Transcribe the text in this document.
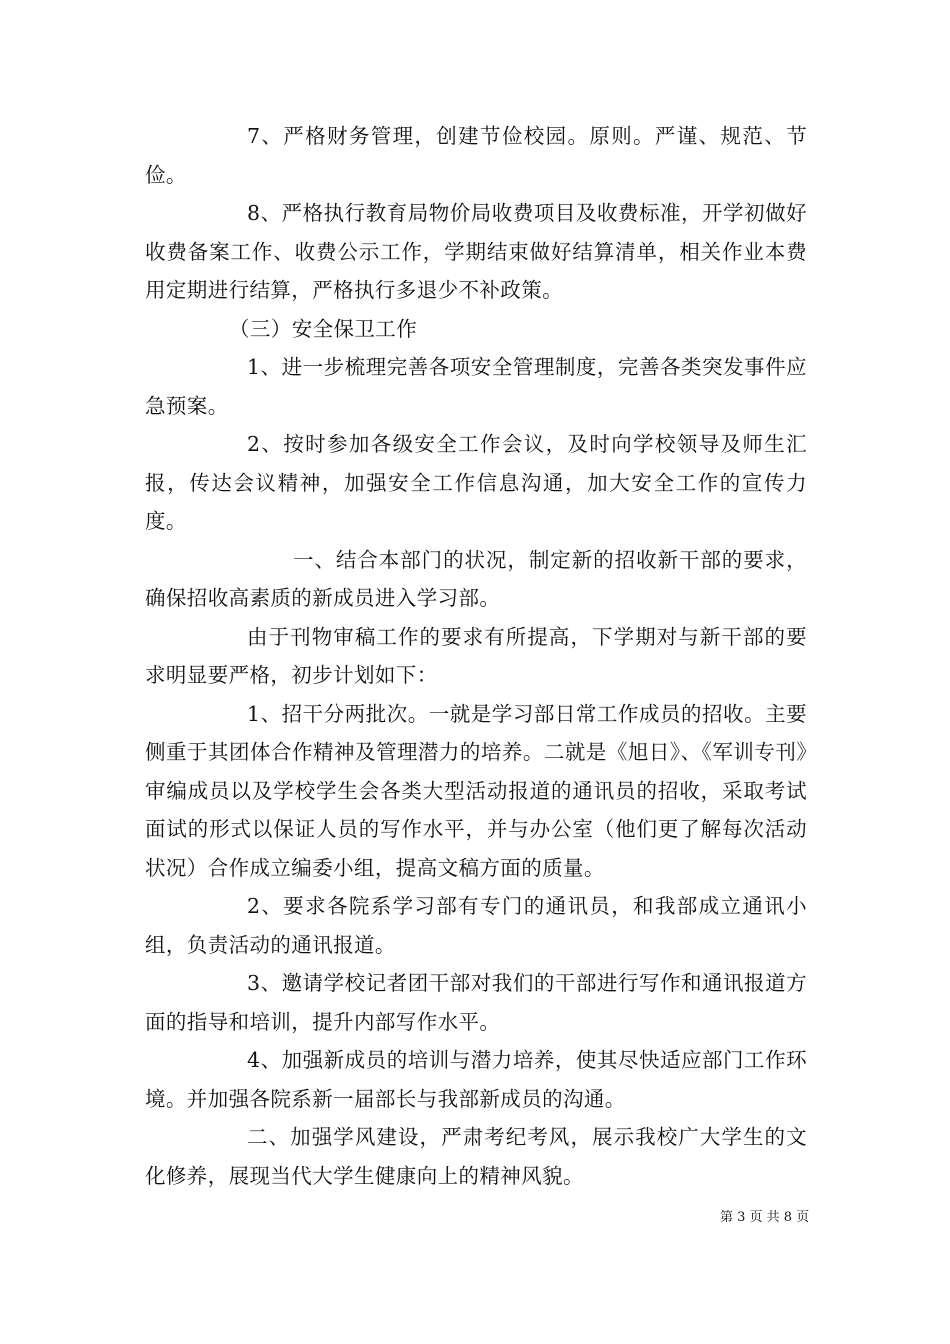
7、严格财务管理，创建节俭校园。原则。严谨、规范、节俭。

8、严格执行教育局物价局收费项目及收费标准，开学初做好收费备案工作、收费公示工作，学期结束做好结算清单，相关作业本费用定期进行结算，严格执行多退少不补政策。

（三）安全保卫工作

1、进一步梳理完善各项安全管理制度，完善各类突发事件应急预案。

2、按时参加各级安全工作会议，及时向学校领导及师生汇报，传达会议精神，加强安全工作信息沟通，加大安全工作的宣传力度。

一、结合本部门的状况，制定新的招收新干部的要求，确保招收高素质的新成员进入学习部。

由于刊物审稿工作的要求有所提高，下学期对与新干部的要求明显要严格，初步计划如下：

1、招干分两批次。一就是学习部日常工作成员的招收。主要侧重于其团体合作精神及管理潜力的培养。二就是《旭日》、《军训专刊》审编成员以及学校学生会各类大型活动报道的通讯员的招收，采取考试面试的形式以保证人员的写作水平，并与办公室（他们更了解每次活动状况）合作成立编委小组，提高文稿方面的质量。

2、要求各院系学习部有专门的通讯员，和我部成立通讯小组，负责活动的通讯报道。

3、邀请学校记者团干部对我们的干部进行写作和通讯报道方面的指导和培训，提升内部写作水平。

4、加强新成员的培训与潜力培养，使其尽快适应部门工作环境。并加强各院系新一届部长与我部新成员的沟通。

二、加强学风建设，严肃考纪考风，展示我校广大学生的文化修养，展现当代大学生健康向上的精神风貌。

第 3 页 共 8 页
